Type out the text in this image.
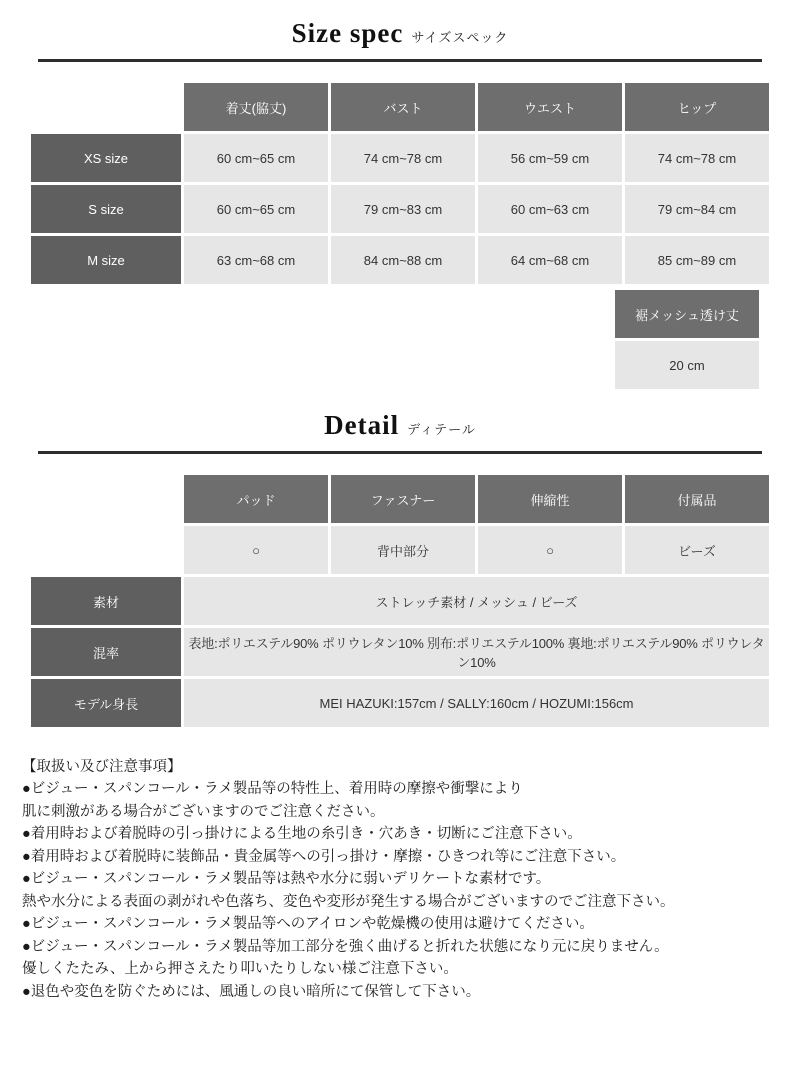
Size spec サイズスペック
	着丈(脇丈)	バスト	ウエスト	ヒップ
XS size	60 cm~65 cm	74 cm~78 cm	56 cm~59 cm	74 cm~78 cm
S size	60 cm~65 cm	79 cm~83 cm	60 cm~63 cm	79 cm~84 cm
M size	63 cm~68 cm	84 cm~88 cm	64 cm~68 cm	85 cm~89 cm
裾メッシュ透け丈
20 cm
Detail ディテール
	パッド	ファスナー	伸縮性	付属品
	○	背中部分	○	ビーズ
素材	ストレッチ素材 / メッシュ / ビーズ			
混率	表地:ポリエステル90% ポリウレタン10% 別布:ポリエステル100% 裏地:ポリエステル90% ポリウレタン10%			
モデル身長	MEI HAZUKI:157cm / SALLY:160cm / HOZUMI:156cm			
【取扱い及び注意事項】
●ビジュー・スパンコール・ラメ製品等の特性上、着用時の摩擦や衝撃により
肌に刺激がある場合がございますのでご注意ください。
●着用時および着脱時の引っ掛けによる生地の糸引き・穴あき・切断にご注意下さい。
●着用時および着脱時に装飾品・貴金属等への引っ掛け・摩擦・ひきつれ等にご注意下さい。
●ビジュー・スパンコール・ラメ製品等は熱や水分に弱いデリケートな素材です。
熱や水分による表面の剥がれや色落ち、変色や変形が発生する場合がございますのでご注意下さい。
●ビジュー・スパンコール・ラメ製品等へのアイロンや乾燥機の使用は避けてください。
●ビジュー・スパンコール・ラメ製品等加工部分を強く曲げると折れた状態になり元に戻りません。
優しくたたみ、上から押さえたり叩いたりしない様ご注意下さい。
●退色や変色を防ぐためには、風通しの良い暗所にて保管して下さい。
